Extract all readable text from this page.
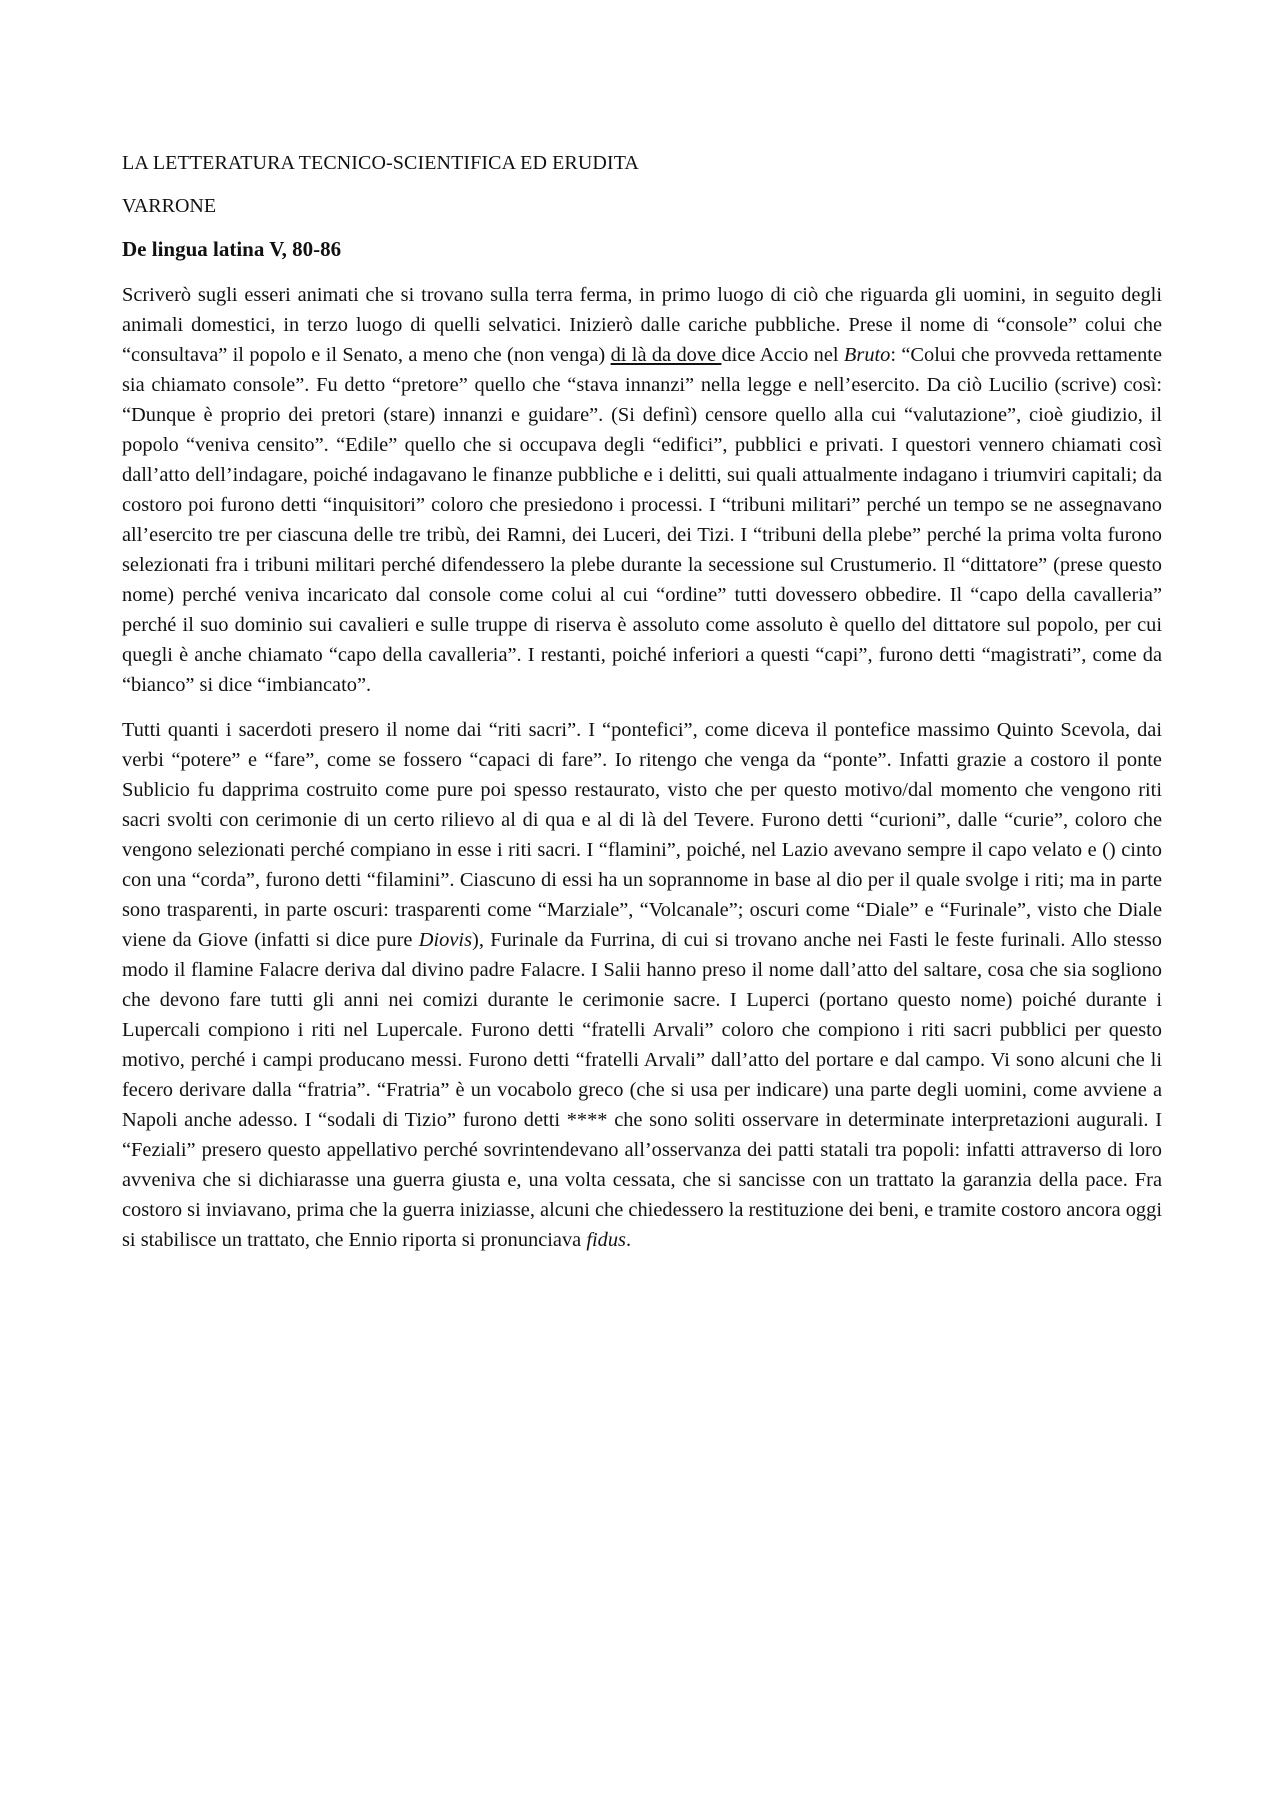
LA LETTERATURA TECNICO-SCIENTIFICA ED ERUDITA
VARRONE
De lingua latina V, 80-86

Scriverò sugli esseri animati che si trovano sulla terra ferma, in primo luogo di ciò che riguarda gli uomini, in seguito degli animali domestici, in terzo luogo di quelli selvatici. Inizierò dalle cariche pubbliche. Prese il nome di “console” colui che “consultava” il popolo e il Senato, a meno che (non venga) di là da dove dice Accio nel Bruto: “Colui che provveda rettamente sia chiamato console”. Fu detto “pretore” quello che “stava innanzi” nella legge e nell’esercito. Da ciò Lucilio (scrive) così: “Dunque è proprio dei pretori (stare) innanzi e guidare”. (Si definì) censore quello alla cui “valutazione”, cioè giudizio, il popolo “veniva censito”. “Edile” quello che si occupava degli “edifici”, pubblici e privati. I questori vennero chiamati così dall’atto dell’indagare, poiché indagavano le finanze pubbliche e i delitti, sui quali attualmente indagano i triumviri capitali; da costoro poi furono detti “inquisitori” coloro che presiedono i processi. I “tribuni militari” perché un tempo se ne assegnavano all’esercito tre per ciascuna delle tre tribù, dei Ramni, dei Luceri, dei Tizi. I “tribuni della plebe” perché la prima volta furono selezionati fra i tribuni militari perché difendessero la plebe durante la secessione sul Crustumerio. Il “dittatore” (prese questo nome) perché veniva incaricato dal console come colui al cui “ordine” tutti dovessero obbedire. Il “capo della cavalleria” perché il suo dominio sui cavalieri e sulle truppe di riserva è assoluto come assoluto è quello del dittatore sul popolo, per cui quegli è anche chiamato “capo della cavalleria”. I restanti, poiché inferiori a questi “capi”, furono detti “magistrati”, come da “bianco” si dice “imbiancato”.

Tutti quanti i sacerdoti presero il nome dai “riti sacri”. I “pontefici”, come diceva il pontefice massimo Quinto Scevola, dai verbi “potere” e “fare”, come se fossero “capaci di fare”. Io ritengo che venga da “ponte”. Infatti grazie a costoro il ponte Sublicio fu dapprima costruito come pure poi spesso restaurato, visto che per questo motivo/dal momento che vengono riti sacri svolti con cerimonie di un certo rilievo al di qua e al di là del Tevere. Furono detti “curioni”, dalle “curie”, coloro che vengono selezionati perché compiano in esse i riti sacri. I “flamini”, poiché, nel Lazio avevano sempre il capo velato e () cinto con una “corda”, furono detti “filamini”. Ciascuno di essi ha un soprannome in base al dio per il quale svolge i riti; ma in parte sono trasparenti, in parte oscuri: trasparenti come “Marziale”, “Volcanale”; oscuri come “Diale” e “Furinale”, visto che Diale viene da Giove (infatti si dice pure Diovis), Furinale da Furrina, di cui si trovano anche nei Fasti le feste furinali. Allo stesso modo il flamine Falacre deriva dal divino padre Falacre. I Salii hanno preso il nome dall’atto del saltare, cosa che sia sogliono che devono fare tutti gli anni nei comizi durante le cerimonie sacre. I Luperci (portano questo nome) poiché durante i Lupercali compiono i riti nel Lupercale. Furono detti “fratelli Arvali” coloro che compiono i riti sacri pubblici per questo motivo, perché i campi producano messi. Furono detti “fratelli Arvali” dall’atto del portare e dal campo. Vi sono alcuni che li fecero derivare dalla “fratria”. “Fratria” è un vocabolo greco (che si usa per indicare) una parte degli uomini, come avviene a Napoli anche adesso. I “sodali di Tizio” furono detti **** che sono soliti osservare in determinate interpretazioni augurali. I “Feziali” presero questo appellativo perché sovrintendevano all’osservanza dei patti statali tra popoli: infatti attraverso di loro avveniva che si dichiarasse una guerra giusta e, una volta cessata, che si sancisse con un trattato la garanzia della pace. Fra costoro si inviavano, prima che la guerra iniziasse, alcuni che chiedessero la restituzione dei beni, e tramite costoro ancora oggi si stabilisce un trattato, che Ennio riporta si pronunciava fidus.
